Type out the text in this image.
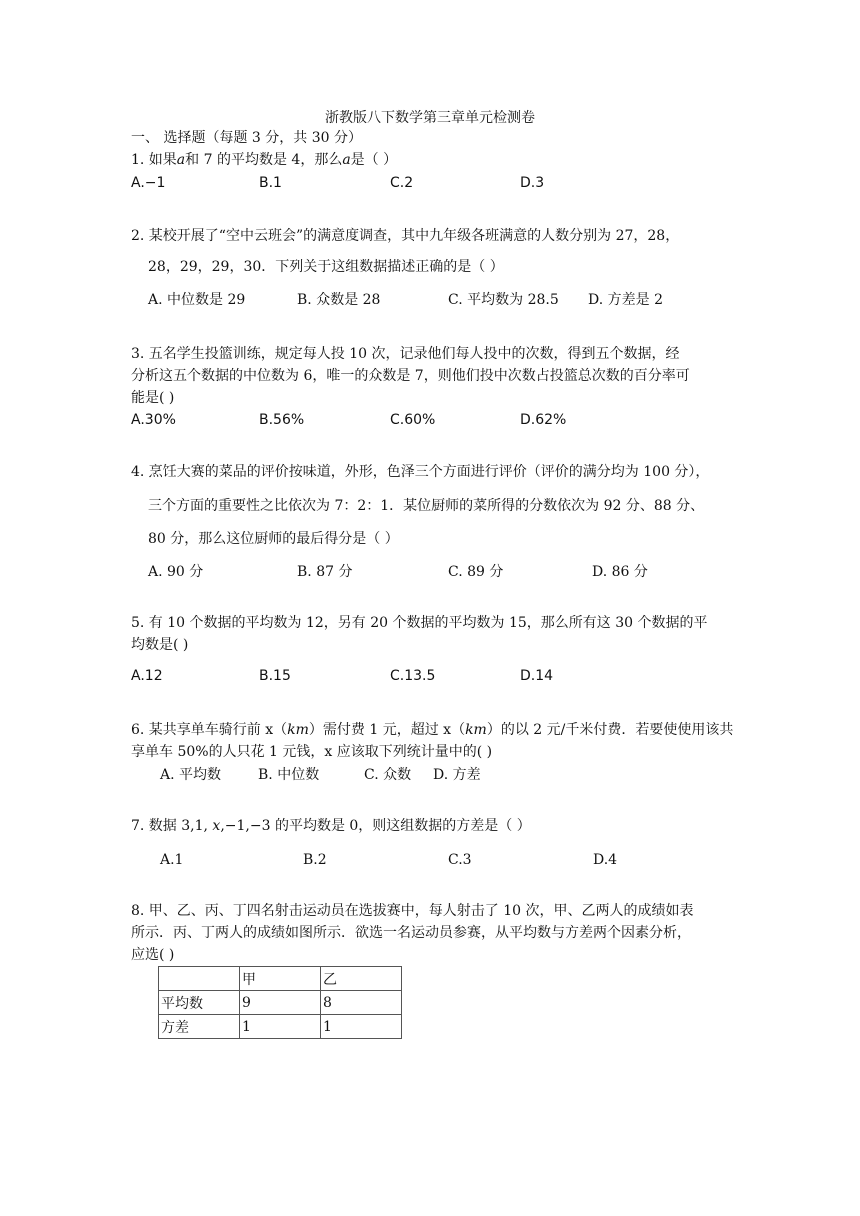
浙教版八下数学第三章单元检测卷
一、 选择题（每题 3 分，共 30 分）
1. 如果𝑎和 7 的平均数是 4，那么𝑎是（ ）
A.−1	B.1	C.2	D.3
2. 某校开展了“空中云班会”的满意度调查，其中九年级各班满意的人数分别为 27，28，
28，29，29，30．下列关于这组数据描述正确的是（ ）
A. 中位数是 29	B. 众数是 28	C. 平均数为 28.5 D. 方差是 2
3. 五名学生投篮训练，规定每人投 10 次，记录他们每人投中的次数，得到五个数据，经
分析这五个数据的中位数为 6，唯一的众数是 7，则他们投中次数占投篮总次数的百分率可
能是( )
A.30%	B.56%	C.60%	D.62%
4. 烹饪大赛的菜品的评价按味道，外形，色泽三个方面进行评价（评价的满分均为 100 分），
三个方面的重要性之比依次为 7：2：1．某位厨师的菜所得的分数依次为 92 分、88 分、
80 分，那么这位厨师的最后得分是（ ）
A. 90 分	B. 87 分	C. 89 分	D. 86 分
5. 有 10 个数据的平均数为 12，另有 20 个数据的平均数为 15，那么所有这 30 个数据的平
均数是( )
A.12	B.15	C.13.5	D.14
6. 某共享单车骑行前 x（𝑘𝑚）需付费 1 元，超过 x（𝑘𝑚）的以 2 元/千米付费．若要使使用该共
享单车 50%的人只花 1 元钱，x 应该取下列统计量中的( )
A. 平均数	B. 中位数	C. 众数 D. 方差
7. 数据 3,1, 𝑥,−1,−3 的平均数是 0，则这组数据的方差是（ ）
A.1	B.2	C.3	D.4
8. 甲、乙、丙、丁四名射击运动员在选拔赛中，每人射击了 10 次，甲、乙两人的成绩如表
所示．丙、丁两人的成绩如图所示．欲选一名运动员参赛，从平均数与方差两个因素分析，
应选( )
	甲	乙
平均数	9	8
方差	1	1
